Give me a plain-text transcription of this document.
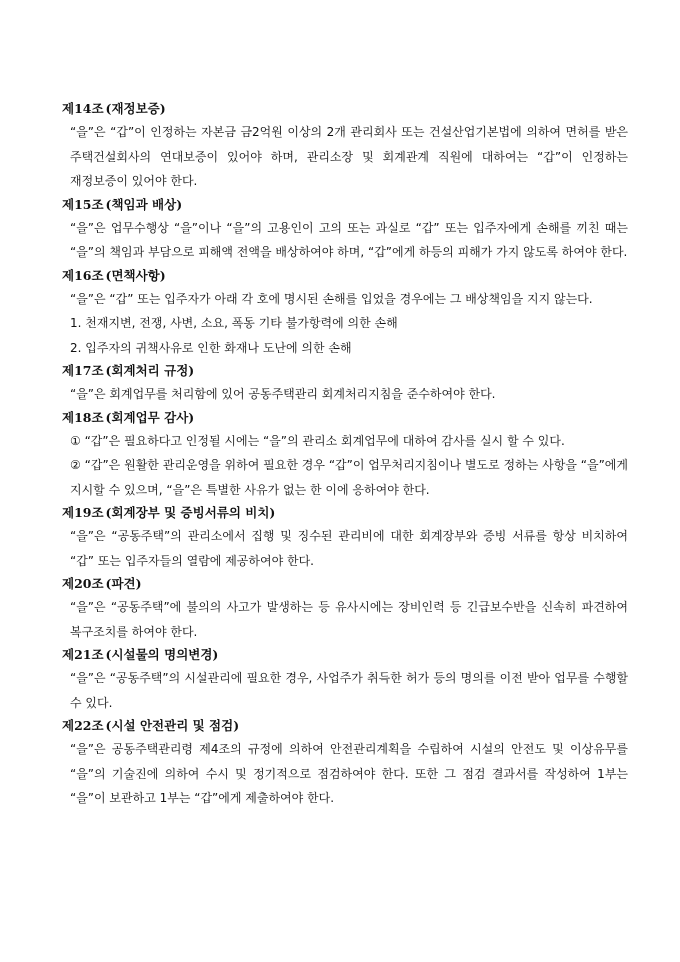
제14조 (재정보증)
“을”은 “갑”이 인정하는 자본금 금2억원 이상의 2개 관리회사 또는 건설산업기본법에 의하여 면허를 받은 주택건설회사의 연대보증이 있어야 하며, 관리소장 및 회계관계 직원에 대하여는 “갑”이 인정하는 재정보증이 있어야 한다.
제15조 (책임과 배상)
“을”은 업무수행상 “을”이나 “을”의 고용인이 고의 또는 과실로 “갑” 또는 입주자에게 손해를 끼친 때는 “을”의 책임과 부담으로 피해액 전액을 배상하여야 하며, “갑”에게 하등의 피해가 가지 않도록 하여야 한다.
제16조 (면책사항)
“을”은 “갑” 또는 입주자가 아래 각 호에 명시된 손해를 입었을 경우에는 그 배상책임을 지지 않는다.
1. 천재지변, 전쟁, 사변, 소요, 폭동 기타 불가항력에 의한 손해
2. 입주자의 귀책사유로 인한 화재나 도난에 의한 손해
제17조 (회계처리 규정)
“을”은 회계업무를 처리함에 있어 공동주택관리 회계처리지침을 준수하여야 한다.
제18조 (회계업무 감사)
① “갑”은 필요하다고 인정될 시에는 “을”의 관리소 회계업무에 대하여 감사를 실시 할 수 있다.
② “갑”은 원활한 관리운영을 위하여 필요한 경우 “갑”이 업무처리지침이나 별도로 정하는 사항을 “을”에게 지시할 수 있으며, “을”은 특별한 사유가 없는 한 이에 응하여야 한다.
제19조 (회계장부 및 증빙서류의 비치)
“을”은 “공동주택”의 관리소에서 집행 및 징수된 관리비에 대한 회계장부와 증빙 서류를 항상 비치하여 “갑” 또는 입주자들의 열람에 제공하여야 한다.
제20조 (파견)
“을”은 “공동주택”에 불의의 사고가 발생하는 등 유사시에는 장비인력 등 긴급보수반을 신속히 파견하여 복구조치를 하여야 한다.
제21조 (시설물의 명의변경)
“을”은 “공동주택”의 시설관리에 필요한 경우, 사업주가 취득한 허가 등의 명의를 이전 받아 업무를 수행할 수 있다.
제22조 (시설 안전관리 및 점검)
“을”은 공동주택관리령 제4조의 규정에 의하여 안전관리계획을 수립하여 시설의 안전도 및 이상유무를 “을”의 기술진에 의하여 수시 및 정기적으로 점검하여야 한다. 또한 그 점검 결과서를 작성하여 1부는 “을”이 보관하고 1부는 “갑”에게 제출하여야 한다.
